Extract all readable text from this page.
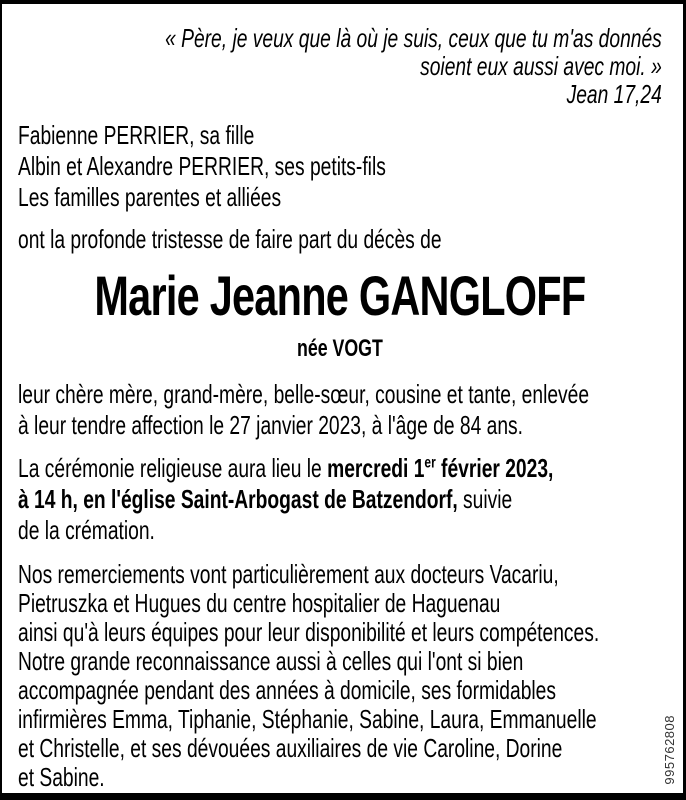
« Père, je veux que là où je suis, ceux que tu m'as donnés
soient eux aussi avec moi. »
Jean 17,24
Fabienne PERRIER, sa fille
Albin et Alexandre PERRIER, ses petits-fils
Les familles parentes et alliées

ont la profonde tristesse de faire part du décès de

Marie Jeanne GANGLOFF
née VOGT
leur chère mère, grand-mère, belle-sœur, cousine et tante, enlevée
à leur tendre affection le 27 janvier 2023, à l'âge de 84 ans.
La cérémonie religieuse aura lieu le mercredi 1er février 2023,
à 14 h, en l'église Saint-Arbogast de Batzendorf, suivie
de la crémation.
Nos remerciements vont particulièrement aux docteurs Vacariu,
Pietruszka et Hugues du centre hospitalier de Haguenau
ainsi qu'à leurs équipes pour leur disponibilité et leurs compétences.
Notre grande reconnaissance aussi à celles qui l'ont si bien
accompagnée pendant des années à domicile, ses formidables
infirmières Emma, Tiphanie, Stéphanie, Sabine, Laura, Emmanuelle
et Christelle, et ses dévouées auxiliaires de vie Caroline, Dorine
et Sabine.	995762808
